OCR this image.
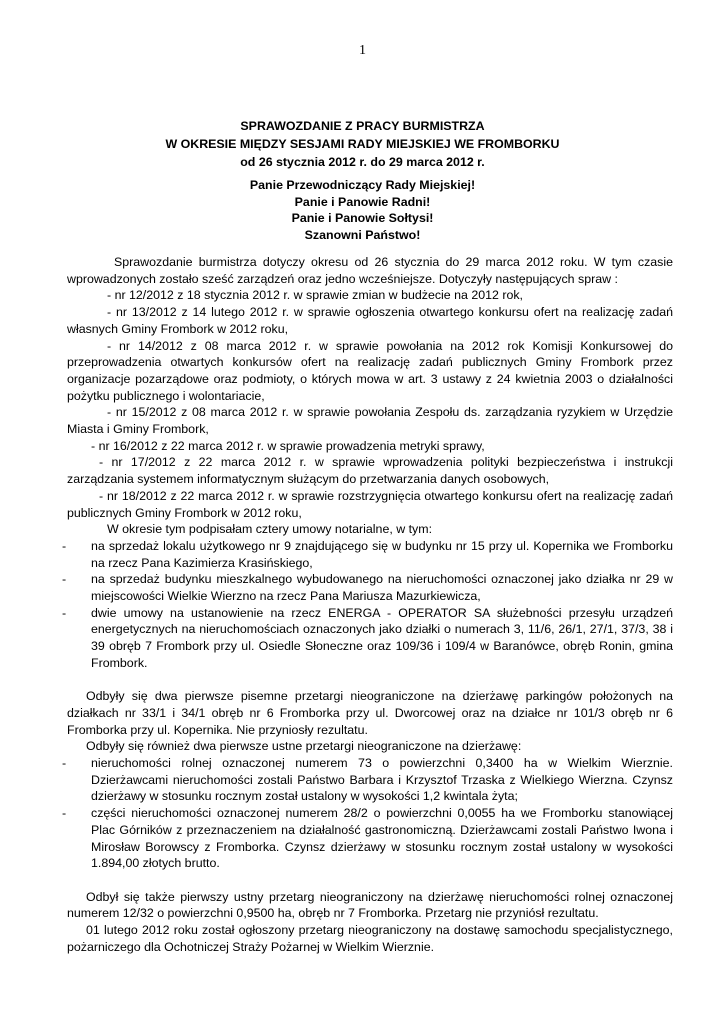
1
SPRAWOZDANIE Z PRACY BURMISTRZA
W OKRESIE MIĘDZY SESJAMI RADY MIEJSKIEJ WE FROMBORKU
od 26 stycznia 2012 r. do 29 marca 2012 r.
Panie Przewodniczący Rady Miejskiej!
Panie i Panowie Radni!
Panie i Panowie Sołtysi!
Szanowni Państwo!

Sprawozdanie burmistrza dotyczy okresu od 26 stycznia do 29 marca 2012 roku. W tym czasie wprowadzonych zostało sześć zarządzeń oraz jedno wcześniejsze. Dotyczyły następujących spraw :

- nr 12/2012 z 18 stycznia 2012 r. w sprawie zmian w budżecie na 2012 rok,

- nr 13/2012 z 14 lutego 2012 r. w sprawie ogłoszenia otwartego konkursu ofert na realizację zadań własnych Gminy Frombork w 2012 roku,

- nr 14/2012 z 08 marca 2012 r. w sprawie powołania na 2012 rok Komisji Konkursowej do przeprowadzenia otwartych konkursów ofert na realizację zadań publicznych Gminy Frombork przez organizacje pozarządowe oraz podmioty, o których mowa w art. 3 ustawy z 24 kwietnia 2003 o działalności pożytku publicznego i wolontariacie,

- nr 15/2012 z 08 marca 2012 r. w sprawie powołania Zespołu ds. zarządzania ryzykiem w Urzędzie Miasta i Gminy Frombork,

- nr 16/2012 z 22 marca 2012 r. w sprawie prowadzenia metryki sprawy,

- nr 17/2012 z 22 marca 2012 r. w sprawie wprowadzenia polityki bezpieczeństwa i instrukcji zarządzania systemem informatycznym służącym do przetwarzania danych osobowych,

- nr 18/2012 z 22 marca 2012 r. w sprawie rozstrzygnięcia otwartego konkursu ofert na realizację zadań publicznych Gminy Frombork w 2012 roku,

W okresie tym podpisałam cztery umowy notarialne, w tym:

- na sprzedaż lokalu użytkowego nr 9 znajdującego się w budynku nr 15 przy ul. Kopernika we Fromborku na rzecz Pana Kazimierza Krasińskiego,
- na sprzedaż budynku mieszkalnego wybudowanego na nieruchomości oznaczonej jako działka nr 29 w miejscowości Wielkie Wierzno na rzecz Pana Mariusza Mazurkiewicza,
- dwie umowy na ustanowienie na rzecz ENERGA - OPERATOR SA służebności przesyłu urządzeń energetycznych na nieruchomościach oznaczonych jako działki o numerach 3, 11/6, 26/1, 27/1, 37/3, 38 i 39 obręb 7 Frombork przy ul. Osiedle Słoneczne oraz 109/36 i 109/4 w Baranówce, obręb Ronin, gmina Frombork.

Odbyły się dwa pierwsze pisemne przetargi nieograniczone na dzierżawę parkingów położonych na działkach nr 33/1 i 34/1 obręb nr 6 Fromborka przy ul. Dworcowej oraz na działce nr 101/3 obręb nr 6 Fromborka przy ul. Kopernika. Nie przyniosły rezultatu.

Odbyły się również dwa pierwsze ustne przetargi nieograniczone na dzierżawę:

- nieruchomości rolnej oznaczonej numerem 73 o powierzchni 0,3400 ha w Wielkim Wierznie. Dzierżawcami nieruchomości zostali Państwo Barbara i Krzysztof Trzaska z Wielkiego Wierzna. Czynsz dzierżawy w stosunku rocznym został ustalony w wysokości 1,2 kwintala żyta;
- części nieruchomości oznaczonej numerem 28/2 o powierzchni 0,0055 ha we Fromborku stanowiącej Plac Górników z przeznaczeniem na działalność gastronomiczną. Dzierżawcami zostali Państwo Iwona i Mirosław Borowscy z Fromborka. Czynsz dzierżawy w stosunku rocznym został ustalony w wysokości 1.894,00 złotych brutto.

Odbył się także pierwszy ustny przetarg nieograniczony na dzierżawę nieruchomości rolnej oznaczonej numerem 12/32 o powierzchni 0,9500 ha, obręb nr 7 Fromborka. Przetarg nie przyniósł rezultatu.

01 lutego 2012 roku został ogłoszony przetarg nieograniczony na dostawę samochodu specjalistycznego, pożarniczego dla Ochotniczej Straży Pożarnej w Wielkim Wierznie.
